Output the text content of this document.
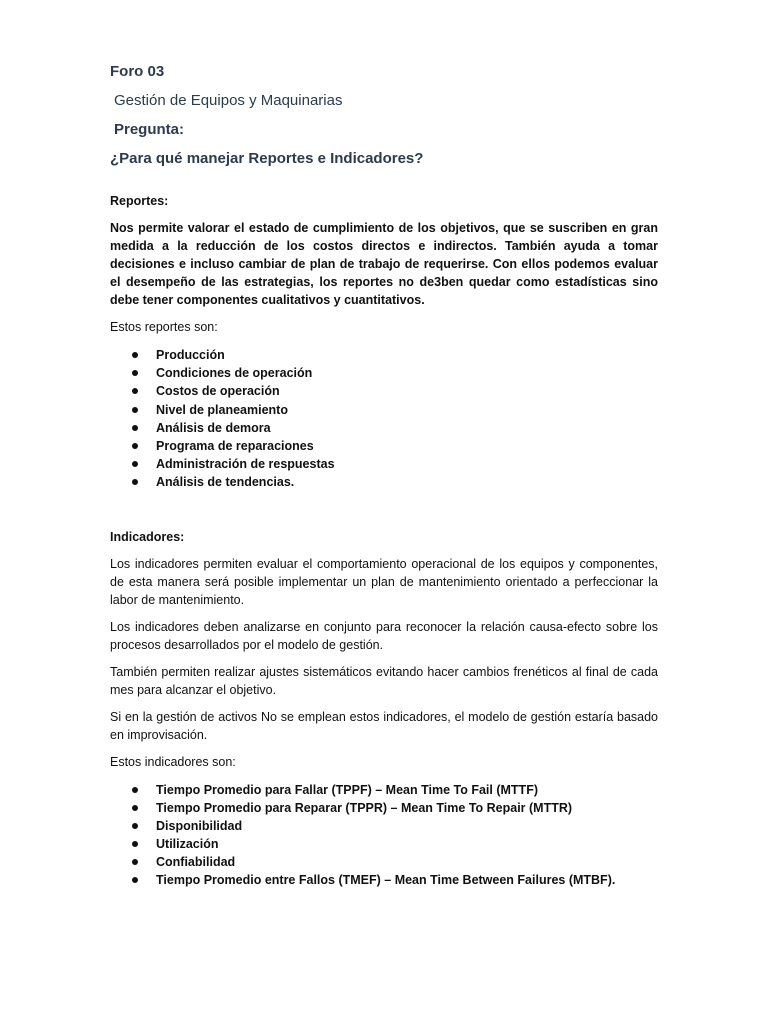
Foro 03

Gestión de Equipos y Maquinarias

Pregunta:

¿Para qué manejar Reportes e Indicadores?

Reportes:

Nos permite valorar el estado de cumplimiento de los objetivos, que se suscriben en gran medida a la reducción de los costos directos e indirectos. También ayuda a tomar decisiones e incluso cambiar de plan de trabajo de requerirse. Con ellos podemos evaluar el desempeño de las estrategias, los reportes no de3ben quedar como estadísticas sino debe tener componentes cualitativos y cuantitativos.

Estos reportes son:

Producción
Condiciones de operación
Costos de operación
Nivel de planeamiento
Análisis de demora
Programa de reparaciones
Administración de respuestas
Análisis de tendencias.

Indicadores:

Los indicadores permiten evaluar el comportamiento operacional de los equipos y componentes, de esta manera será posible implementar un plan de mantenimiento orientado a perfeccionar la labor de mantenimiento.

Los indicadores deben analizarse en conjunto para reconocer la relación causa-efecto sobre los procesos desarrollados por el modelo de gestión.

También permiten realizar ajustes sistemáticos evitando hacer cambios frenéticos al final de cada mes para alcanzar el objetivo.

Si en la gestión de activos No se emplean estos indicadores, el modelo de gestión estaría basado en improvisación.

Estos indicadores son:

Tiempo Promedio para Fallar (TPPF) – Mean Time To Fail (MTTF)
Tiempo Promedio para Reparar (TPPR) – Mean Time To Repair (MTTR)
Disponibilidad
Utilización
Confiabilidad
Tiempo Promedio entre Fallos (TMEF) – Mean Time Between Failures (MTBF).
